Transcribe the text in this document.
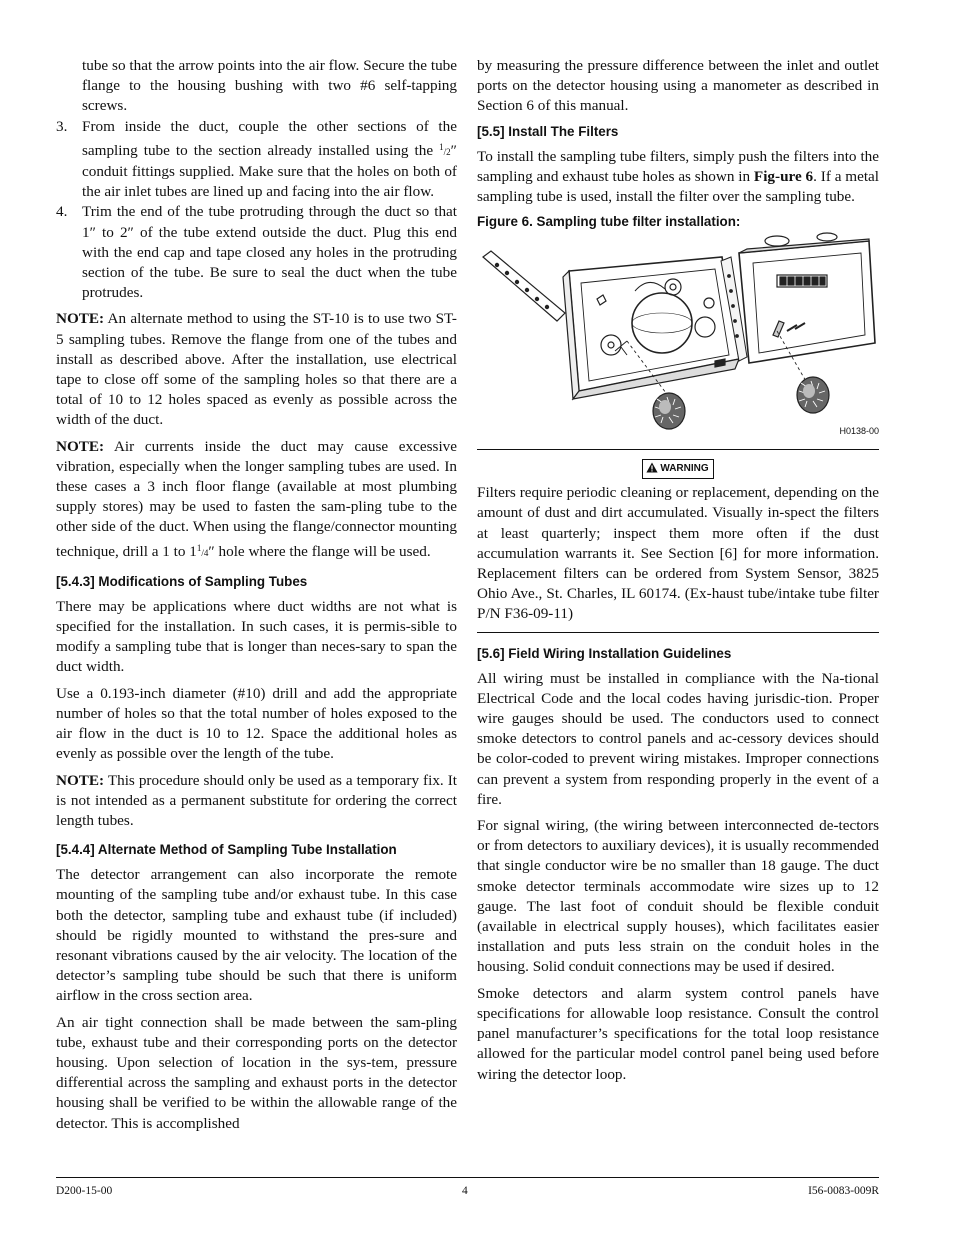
tube so that the arrow points into the air flow. Secure the tube flange to the housing bushing with two #6 self-tapping screws.

3. From inside the duct, couple the other sections of the sampling tube to the section already installed using the $^1$/2″ conduit fittings supplied. Make sure that the holes on both of the air inlet tubes are lined up and facing into the air flow.
4. Trim the end of the tube protruding through the duct so that 1″ to 2″ of the tube extend outside the duct. Plug this end with the end cap and tape closed any holes in the protruding section of the tube. Be sure to seal the duct when the tube protrudes.

NOTE: An alternate method to using the ST-10 is to use two ST-5 sampling tubes. Remove the flange from one of the tubes and install as described above. After the installation, use electrical tape to close off some of the sampling holes so that there are a total of 10 to 12 holes spaced as evenly as possible across the width of the duct.

NOTE: Air currents inside the duct may cause excessive vibration, especially when the longer sampling tubes are used. In these cases a 3 inch floor flange (available at most plumbing supply stores) may be used to fasten the sam-pling tube to the other side of the duct. When using the flange/connector mounting technique, drill a 1 to $1^1/4''$ hole where the flange will be used.

[5.4.3] Modifications of Sampling Tubes

There may be applications where duct widths are not what is specified for the installation. In such cases, it is permis-sible to modify a sampling tube that is longer than neces-sary to span the duct width.

Use a 0.193-inch diameter (#10) drill and add the appropriate number of holes so that the total number of holes exposed to the air flow in the duct is 10 to 12. Space the additional holes as evenly as possible over the length of the tube.

NOTE: This procedure should only be used as a temporary fix. It is not intended as a permanent substitute for ordering the correct length tubes.

[5.4.4] Alternate Method of Sampling Tube Installation

The detector arrangement can also incorporate the remote mounting of the sampling tube and/or exhaust tube. In this case both the detector, sampling tube and exhaust tube (if included) should be rigidly mounted to withstand the pres-sure and resonant vibrations caused by the air velocity. The location of the detector’s sampling tube should be such that there is uniform airflow in the cross section area.

An air tight connection shall be made between the sam-pling tube, exhaust tube and their corresponding ports on the detector housing. Upon selection of location in the sys-tem, pressure differential across the sampling and exhaust ports in the detector housing shall be verified to be within the allowable range of the detector. This is accomplished

by measuring the pressure difference between the inlet and outlet ports on the detector housing using a manometer as described in Section 6 of this manual.

[5.5] Install The Filters

To install the sampling tube filters, simply push the filters into the sampling and exhaust tube holes as shown in Fig-ure 6. If a metal sampling tube is used, install the filter over the sampling tube.

Figure 6. Sampling tube filter installation:
H0138-00
WARNING

Filters require periodic cleaning or replacement, depending on the amount of dust and dirt accumulated. Visually in-spect the filters at least quarterly; inspect them more often if the dust accumulation warrants it. See Section [6] for more information. Replacement filters can be ordered from System Sensor, 3825 Ohio Ave., St. Charles, IL 60174. (Ex-haust tube/intake tube filter P/N F36-09-11)

[5.6] Field Wiring Installation Guidelines

All wiring must be installed in compliance with the Na-tional Electrical Code and the local codes having jurisdic-tion. Proper wire gauges should be used. The conductors used to connect smoke detectors to control panels and ac-cessory devices should be color-coded to prevent wiring mistakes. Improper connections can prevent a system from responding properly in the event of a fire.

For signal wiring, (the wiring between interconnected de-tectors or from detectors to auxiliary devices), it is usually recommended that single conductor wire be no smaller than 18 gauge. The duct smoke detector terminals accommodate wire sizes up to 12 gauge. The last foot of conduit should be flexible conduit (available in electrical supply houses), which facilitates easier installation and puts less strain on the conduit holes in the housing. Solid conduit connections may be used if desired.

Smoke detectors and alarm system control panels have specifications for allowable loop resistance. Consult the control panel manufacturer’s specifications for the total loop resistance allowed for the particular model control panel being used before wiring the detector loop.

D200-15-00	4	I56-0083-009R
